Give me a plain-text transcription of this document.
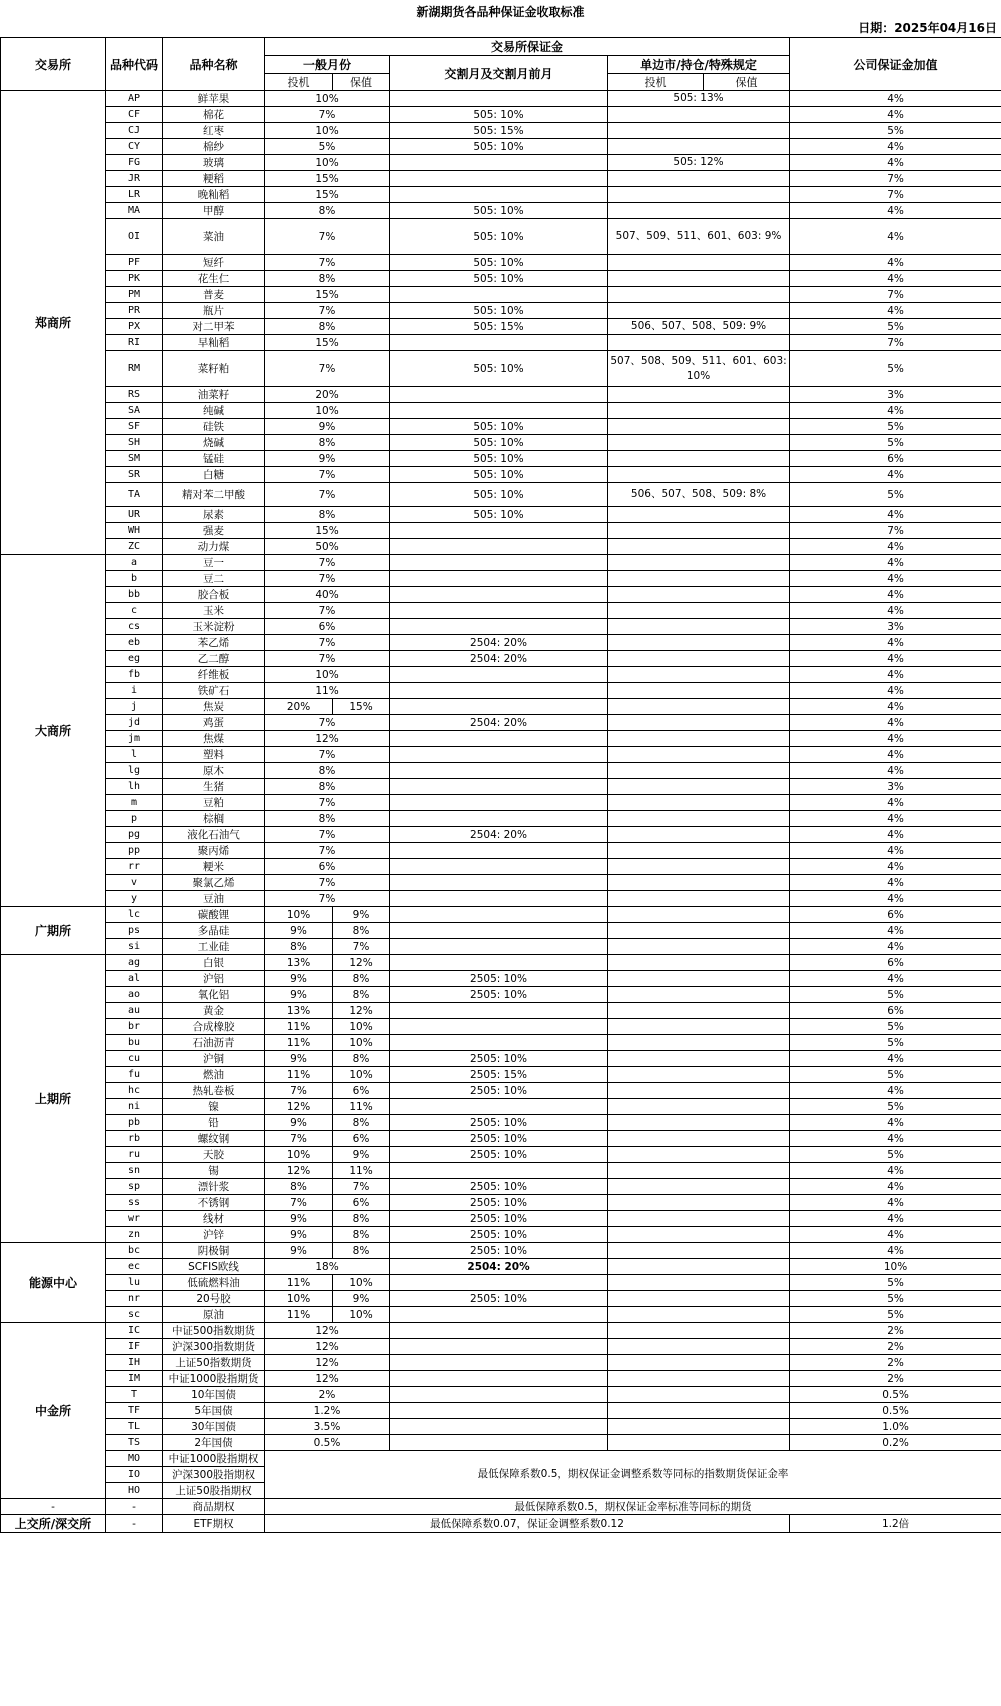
新湖期货各品种保证金收取标准
日期：2025年04月16日
交易所	品种代码	品种名称	交易所保证金					公司保证金加值
			一般月份		交割月及交割月前月	单边市/持仓/特殊规定		
			投机	保值		投机	保值	
郑商所	AP	鲜苹果	10%			505: 13%		4%
	CF	棉花	7%		505: 10%			4%
	CJ	红枣	10%		505: 15%			5%
	CY	棉纱	5%		505: 10%			4%
	FG	玻璃	10%			505: 12%		4%
	JR	粳稻	15%					7%
	LR	晚籼稻	15%					7%
	MA	甲醇	8%		505: 10%			4%
	OI	菜油	7%		505: 10%	507、509、511、601、603: 9%		4%
	PF	短纤	7%		505: 10%			4%
	PK	花生仁	8%		505: 10%			4%
	PM	普麦	15%					7%
	PR	瓶片	7%		505: 10%			4%
	PX	对二甲苯	8%		505: 15%	506、507、508、509: 9%		5%
	RI	早籼稻	15%					7%
	RM	菜籽粕	7%		505: 10%	507、508、509、511、601、603: 10%		5%
	RS	油菜籽	20%					3%
	SA	纯碱	10%					4%
	SF	硅铁	9%		505: 10%			5%
	SH	烧碱	8%		505: 10%			5%
	SM	锰硅	9%		505: 10%			6%
	SR	白糖	7%		505: 10%			4%
	TA	精对苯二甲酸	7%		505: 10%	506、507、508、509: 8%		5%
	UR	尿素	8%		505: 10%			4%
	WH	强麦	15%					7%
	ZC	动力煤	50%					4%
大商所	a	豆一	7%					4%
	b	豆二	7%					4%
	bb	胶合板	40%					4%
	c	玉米	7%					4%
	cs	玉米淀粉	6%					3%
	eb	苯乙烯	7%		2504: 20%			4%
	eg	乙二醇	7%		2504: 20%			4%
	fb	纤维板	10%					4%
	i	铁矿石	11%					4%
	j	焦炭	20%	15%				4%
	jd	鸡蛋	7%		2504: 20%			4%
	jm	焦煤	12%					4%
	l	塑料	7%					4%
	lg	原木	8%					4%
	lh	生猪	8%					3%
	m	豆粕	7%					4%
	p	棕榈	8%					4%
	pg	液化石油气	7%		2504: 20%			4%
	pp	聚丙烯	7%					4%
	rr	粳米	6%					4%
	v	聚氯乙烯	7%					4%
	y	豆油	7%					4%
广期所	lc	碳酸锂	10%	9%				6%
	ps	多晶硅	9%	8%				4%
	si	工业硅	8%	7%				4%
上期所	ag	白银	13%	12%				6%
	al	沪铝	9%	8%	2505: 10%			4%
	ao	氧化铝	9%	8%	2505: 10%			5%
	au	黄金	13%	12%				6%
	br	合成橡胶	11%	10%				5%
	bu	石油沥青	11%	10%				5%
	cu	沪铜	9%	8%	2505: 10%			4%
	fu	燃油	11%	10%	2505: 15%			5%
	hc	热轧卷板	7%	6%	2505: 10%			4%
	ni	镍	12%	11%				5%
	pb	铅	9%	8%	2505: 10%			4%
	rb	螺纹钢	7%	6%	2505: 10%			4%
	ru	天胶	10%	9%	2505: 10%			5%
	sn	锡	12%	11%				4%
	sp	漂针浆	8%	7%	2505: 10%			4%
	ss	不锈钢	7%	6%	2505: 10%			4%
	wr	线材	9%	8%	2505: 10%			4%
	zn	沪锌	9%	8%	2505: 10%			4%
能源中心	bc	阴极铜	9%	8%	2505: 10%			4%
	ec	SCFIS欧线	18%		2504: 20%			10%
	lu	低硫燃料油	11%	10%				5%
	nr	20号胶	10%	9%	2505: 10%			5%
	sc	原油	11%	10%				5%
中金所	IC	中证500指数期货	12%					2%
	IF	沪深300指数期货	12%					2%
	IH	上证50指数期货	12%					2%
	IM	中证1000股指期货	12%					2%
	T	10年国债	2%					0.5%
	TF	5年国债	1.2%					0.5%
	TL	30年国债	3.5%					1.0%
	TS	2年国债	0.5%					0.2%
	MO	中证1000股指期权	最低保障系数0.5，期权保证金调整系数等同标的指数期货保证金率					
	IO	沪深300股指期权						
	HO	上证50股指期权						
-	-	商品期权	最低保障系数0.5，期权保证金率标准等同标的期货					
上交所/深交所	-	ETF期权	最低保障系数0.07，保证金调整系数0.12					1.2倍
